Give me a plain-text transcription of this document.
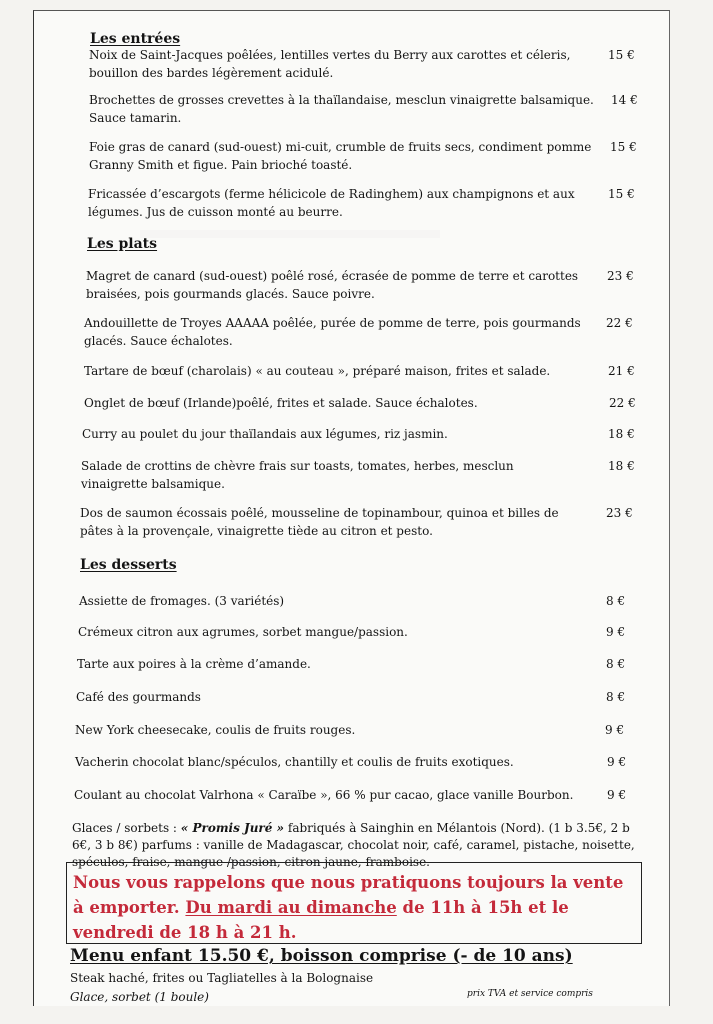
Les entrées
Noix de Saint-Jacques poêlées, lentilles vertes du Berry aux carottes et céleris, bouillon des bardes légèrement acidulé.
15 €
Brochettes de grosses crevettes à la thaïlandaise, mesclun vinaigrette balsamique. Sauce tamarin.
14 €
Foie gras de canard (sud-ouest) mi-cuit, crumble de fruits secs, condiment pomme Granny Smith et figue. Pain brioché toasté.
15 €
Fricassée d’escargots (ferme hélicicole de Radinghem) aux champignons et aux légumes. Jus de cuisson monté au beurre.
15 €
Les plats
Magret de canard (sud-ouest) poêlé rosé, écrasée de pomme de terre et carottes braisées, pois gourmands glacés. Sauce poivre.
23 €
Andouillette de Troyes AAAAA poêlée, purée de pomme de terre, pois gourmands glacés. Sauce échalotes.
22 €
Tartare de bœuf (charolais) « au couteau », préparé maison, frites et salade.	21 €
Onglet de bœuf (Irlande)poêlé, frites et salade. Sauce échalotes.	22 €
Curry au poulet du jour thaïlandais aux légumes, riz jasmin.	18 €
Salade de crottins de chèvre frais sur toasts, tomates, herbes, mesclun vinaigrette balsamique.
18 €
Dos de saumon écossais poêlé, mousseline de topinambour, quinoa et billes de pâtes à la provençale, vinaigrette tiède au citron et pesto.
23 €
Les desserts
Assiette de fromages. (3 variétés)	8 €
Crémeux citron aux agrumes, sorbet mangue/passion.	9 €
Tarte aux poires à la crème d’amande.	8 €
Café des gourmands	8 €
New York cheesecake, coulis de fruits rouges.	9 €
Vacherin chocolat blanc/spéculos, chantilly et coulis de fruits exotiques.	9 €
Coulant au chocolat Valrhona « Caraïbe », 66 % pur cacao, glace vanille Bourbon.	9 €
Glaces / sorbets : « Promis Juré » fabriqués à Sainghin en Mélantois (Nord). (1 b 3.5€, 2 b 6€, 3 b 8€) parfums : vanille de Madagascar, chocolat noir, café, caramel, pistache, noisette, spéculos, fraise, mangue /passion, citron jaune, framboise.
Nous vous rappelons que nous pratiquons toujours la vente à emporter. Du mardi au dimanche de 11h à 15h et le vendredi de 18 h à 21 h.
Menu enfant 15.50 €, boisson comprise (- de 10 ans)
Steak haché, frites ou Tagliatelles à la Bolognaise
Glace, sorbet (1 boule)	prix TVA et service compris
